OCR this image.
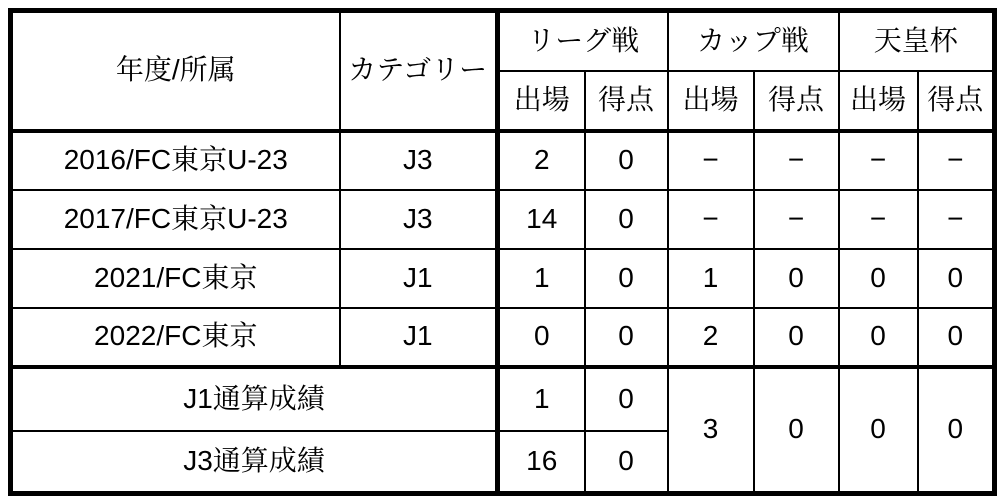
年度/所属	カテゴリー	リーグ戦		カップ戦		天皇杯	
		出場	得点	出場	得点	出場	得点
2016/FC東京U-23	J3	2	0	−	−	−	−
2017/FC東京U-23	J3	14	0	−	−	−	−
2021/FC東京	J1	1	0	1	0	0	0
2022/FC東京	J1	0	0	2	0	0	0
J1通算成績		1	0	3	0	0	0
J3通算成績		16	0				
